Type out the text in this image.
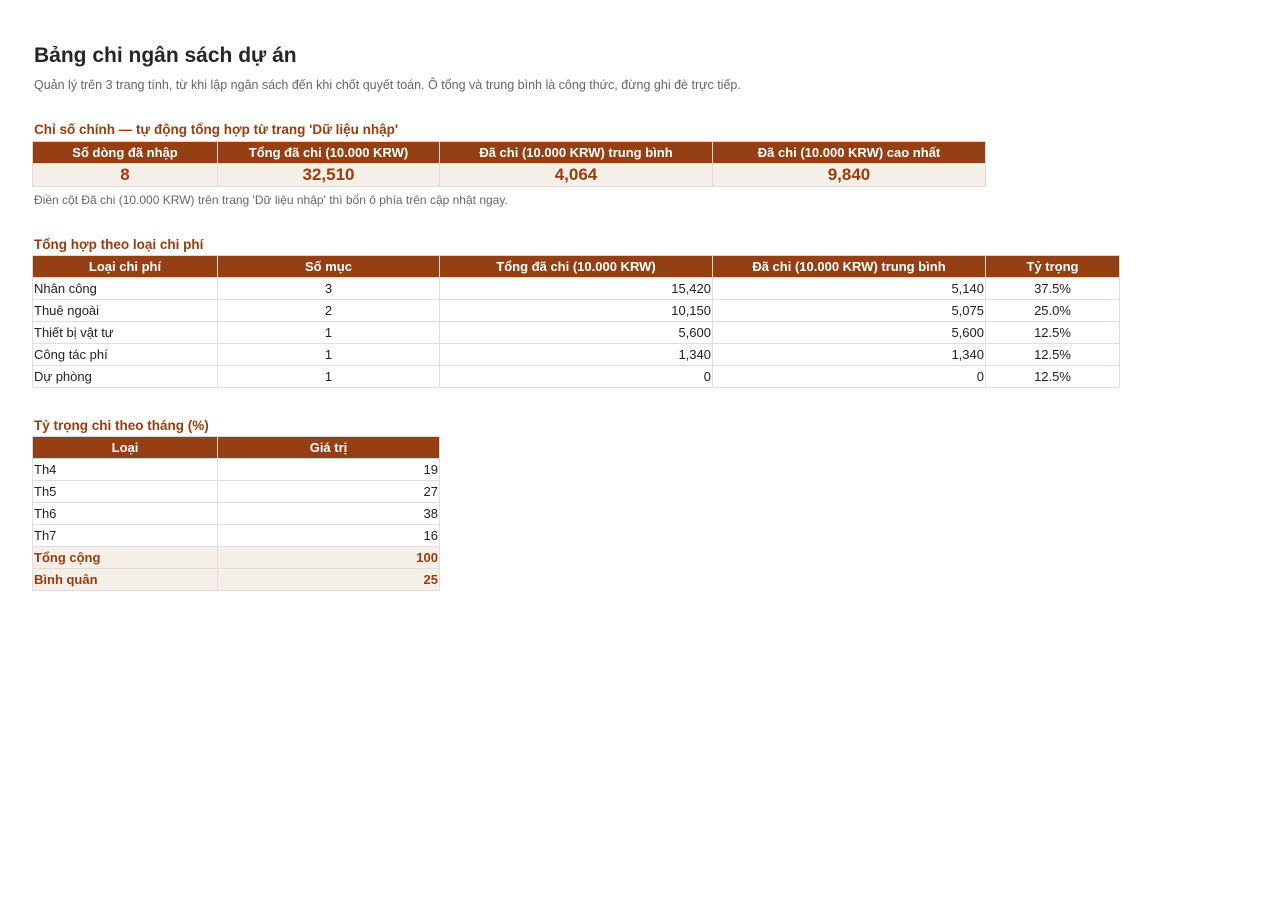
Bảng chi ngân sách dự án
Quản lý trên 3 trang tính, từ khi lập ngân sách đến khi chốt quyết toán. Ô tổng và trung bình là công thức, đừng ghi đè trực tiếp.
Chỉ số chính — tự động tổng hợp từ trang 'Dữ liệu nhập'
Số dòng đã nhập	Tổng đã chi (10.000 KRW)	Đã chi (10.000 KRW) trung bình	Đã chi (10.000 KRW) cao nhất
8	32,510	4,064	9,840
Điền cột Đã chi (10.000 KRW) trên trang 'Dữ liệu nhập' thì bốn ô phía trên cập nhật ngay.
Tổng hợp theo loại chi phí
Loại chi phí	Số mục	Tổng đã chi (10.000 KRW)	Đã chi (10.000 KRW) trung bình	Tỷ trọng
Nhân công	3	15,420	5,140	37.5%
Thuê ngoài	2	10,150	5,075	25.0%
Thiết bị vật tư	1	5,600	5,600	12.5%
Công tác phí	1	1,340	1,340	12.5%
Dự phòng	1	0	0	12.5%
Tỷ trọng chi theo tháng (%)
Loại	Giá trị
Th4	19
Th5	27
Th6	38
Th7	16
Tổng cộng	100
Bình quân	25
